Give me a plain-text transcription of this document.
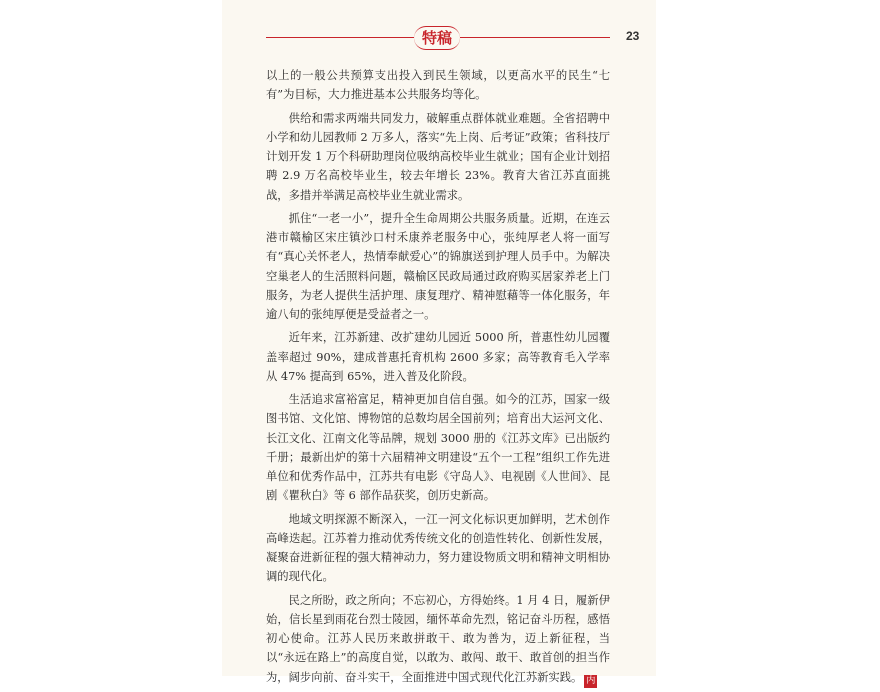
特稿	23

以上的一般公共预算支出投入到民生领域，以更高水平的民生“七有”为目标，大力推进基本公共服务均等化。

供给和需求两端共同发力，破解重点群体就业难题。全省招聘中小学和幼儿园教师 2 万多人，落实“先上岗、后考证”政策；省科技厅计划开发 1 万个科研助理岗位吸纳高校毕业生就业；国有企业计划招聘 2.9 万名高校毕业生，较去年增长 23%。教育大省江苏直面挑战，多措并举满足高校毕业生就业需求。

抓住“一老一小”，提升全生命周期公共服务质量。近期，在连云港市赣榆区宋庄镇沙口村禾康养老服务中心，张纯厚老人将一面写有“真心关怀老人，热情奉献爱心”的锦旗送到护理人员手中。为解决空巢老人的生活照料问题，赣榆区民政局通过政府购买居家养老上门服务，为老人提供生活护理、康复理疗、精神慰藉等一体化服务，年逾八旬的张纯厚便是受益者之一。

近年来，江苏新建、改扩建幼儿园近 5000 所，普惠性幼儿园覆盖率超过 90%，建成普惠托育机构 2600 多家；高等教育毛入学率从 47% 提高到 65%，进入普及化阶段。

生活追求富裕富足，精神更加自信自强。如今的江苏，国家一级图书馆、文化馆、博物馆的总数均居全国前列；培育出大运河文化、长江文化、江南文化等品牌，规划 3000 册的《江苏文库》已出版约千册；最新出炉的第十六届精神文明建设“五个一工程”组织工作先进单位和优秀作品中，江苏共有电影《守岛人》、电视剧《人世间》、昆剧《瞿秋白》等 6 部作品获奖，创历史新高。

地域文明探源不断深入，一江一河文化标识更加鲜明，艺术创作高峰迭起。江苏着力推动优秀传统文化的创造性转化、创新性发展，凝聚奋进新征程的强大精神动力，努力建设物质文明和精神文明相协调的现代化。

民之所盼，政之所向；不忘初心，方得始终。1 月 4 日，履新伊始，信长星到雨花台烈士陵园，缅怀革命先烈，铭记奋斗历程，感悟初心使命。江苏人民历来敢拼敢干、敢为善为，迈上新征程，当以“永远在路上”的高度自觉，以敢为、敢闯、敢干、敢首创的担当作为，阔步向前、奋斗实干，全面推进中国式现代化江苏新实践。 内
